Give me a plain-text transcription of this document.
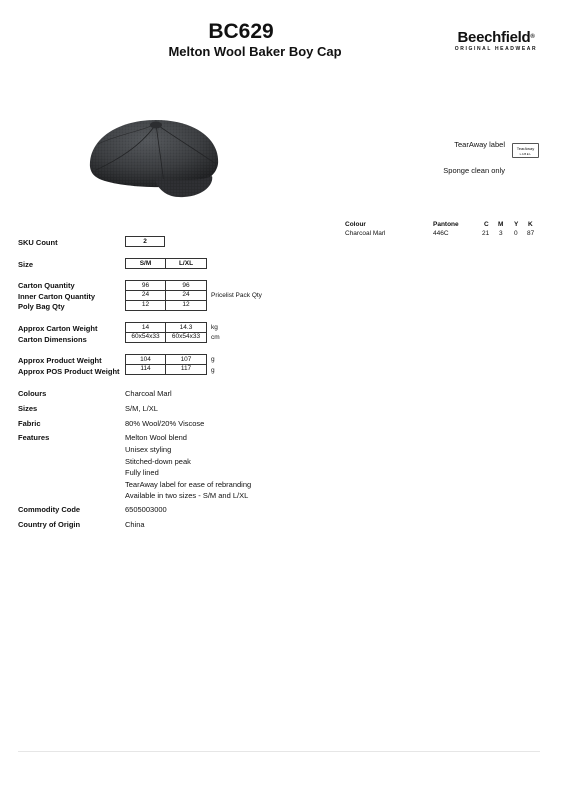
BC629
Melton Wool Baker Boy Cap
Beechfield®
ORIGINAL HEADWEAR
TearAway label	TearAway
LABEL
Sponge clean only
Colour	Pantone	C M Y K
Charcoal Marl	446C	21 3 0 87
SKU Count	2
Size	S/M	L/XL
Carton Quantity	96	96
Inner Carton Quantity	24	24	Pricelist Pack Qty
Poly Bag Qty	12	12
Approx Carton Weight	14	14.3	kg
Carton Dimensions	60x54x33	60x54x33	cm
Approx Product Weight	104	107	g
Approx POS Product Weight	114	117	g
Colours	Charcoal Marl
Sizes	S/M, L/XL
Fabric	80% Wool/20% Viscose
Features	Melton Wool blend
Unisex styling
Stitched-down peak
Fully lined
TearAway label for ease of rebranding
Available in two sizes - S/M and L/XL
Commodity Code	6505003000
Country of Origin	China
